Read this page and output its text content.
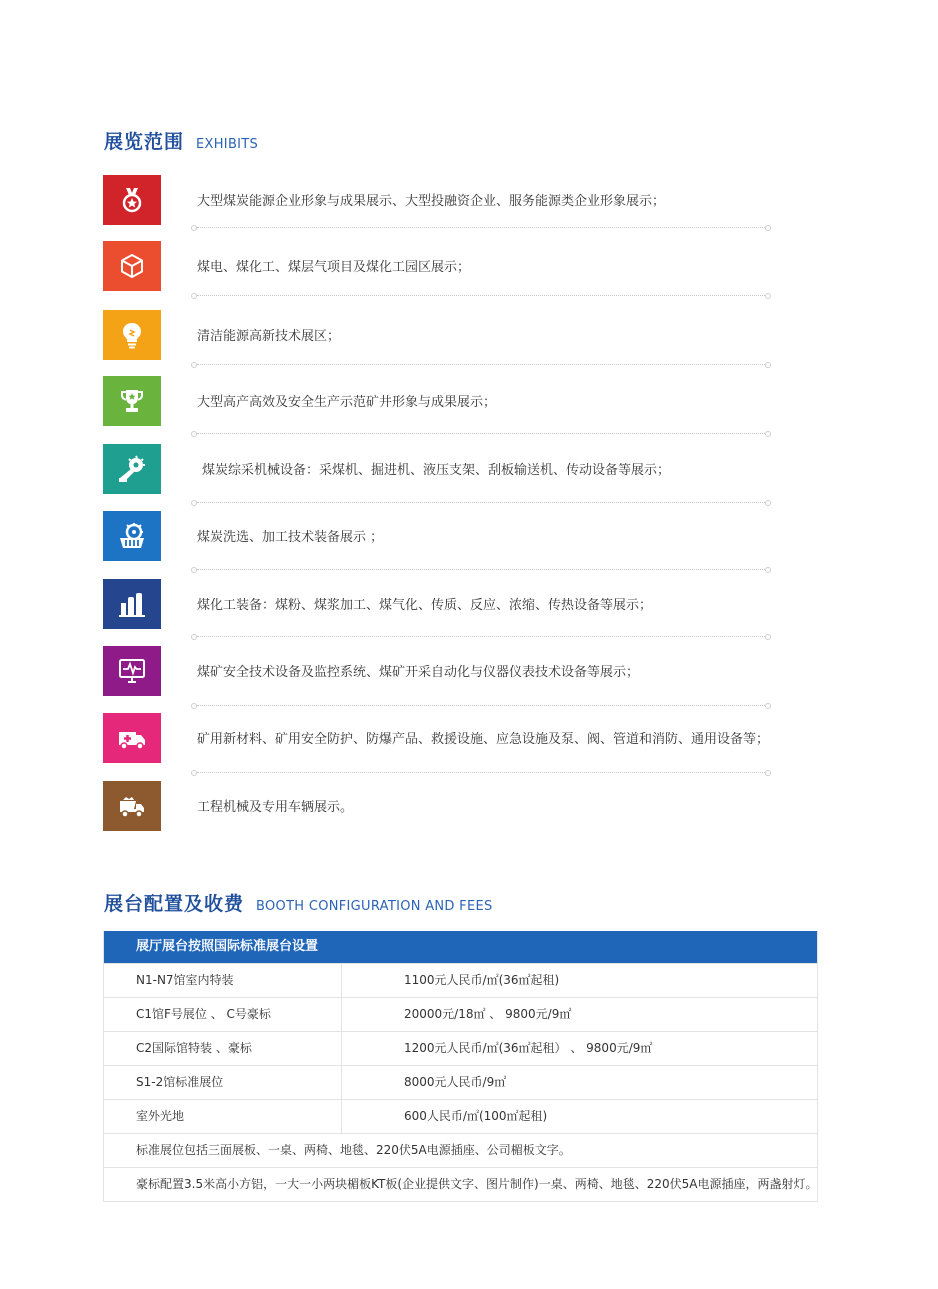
展览范围 EXHIBITS
大型煤炭能源企业形象与成果展示、大型投融资企业、服务能源类企业形象展示；
煤电、煤化工、煤层气项目及煤化工园区展示；
清洁能源高新技术展区；
大型高产高效及安全生产示范矿井形象与成果展示；
煤炭综采机械设备：采煤机、掘进机、液压支架、刮板输送机、传动设备等展示；
煤炭洗选、加工技术装备展示 ；
煤化工装备：煤粉、煤浆加工、煤气化、传质、反应、浓缩、传热设备等展示；
煤矿安全技术设备及监控系统、煤矿开采自动化与仪器仪表技术设备等展示；
矿用新材料、矿用安全防护、防爆产品、救援设施、应急设施及泵、阀、管道和消防、通用设备等；
工程机械及专用车辆展示。
展台配置及收费 BOOTH CONFIGURATION AND FEES
展厅展台按照国际标准展台设置
N1-N7馆室内特装	1100元人民币/㎡(36㎡起租)
C1馆F号展位 、 C号豪标	20000元/18㎡ 、 9800元/9㎡
C2国际馆特装 、豪标	1200元人民币/㎡(36㎡起租） 、 9800元/9㎡
S1-2馆标准展位	8000元人民币/9㎡
室外光地	600人民币/㎡(100㎡起租)
标准展位包括三面展板、一桌、两椅、地毯、220伏5A电源插座、公司楣板文字。
豪标配置3.5米高小方铝，一大一小两块楣板KT板(企业提供文字、图片制作)一桌、两椅、地毯、220伏5A电源插座，两盏射灯。
